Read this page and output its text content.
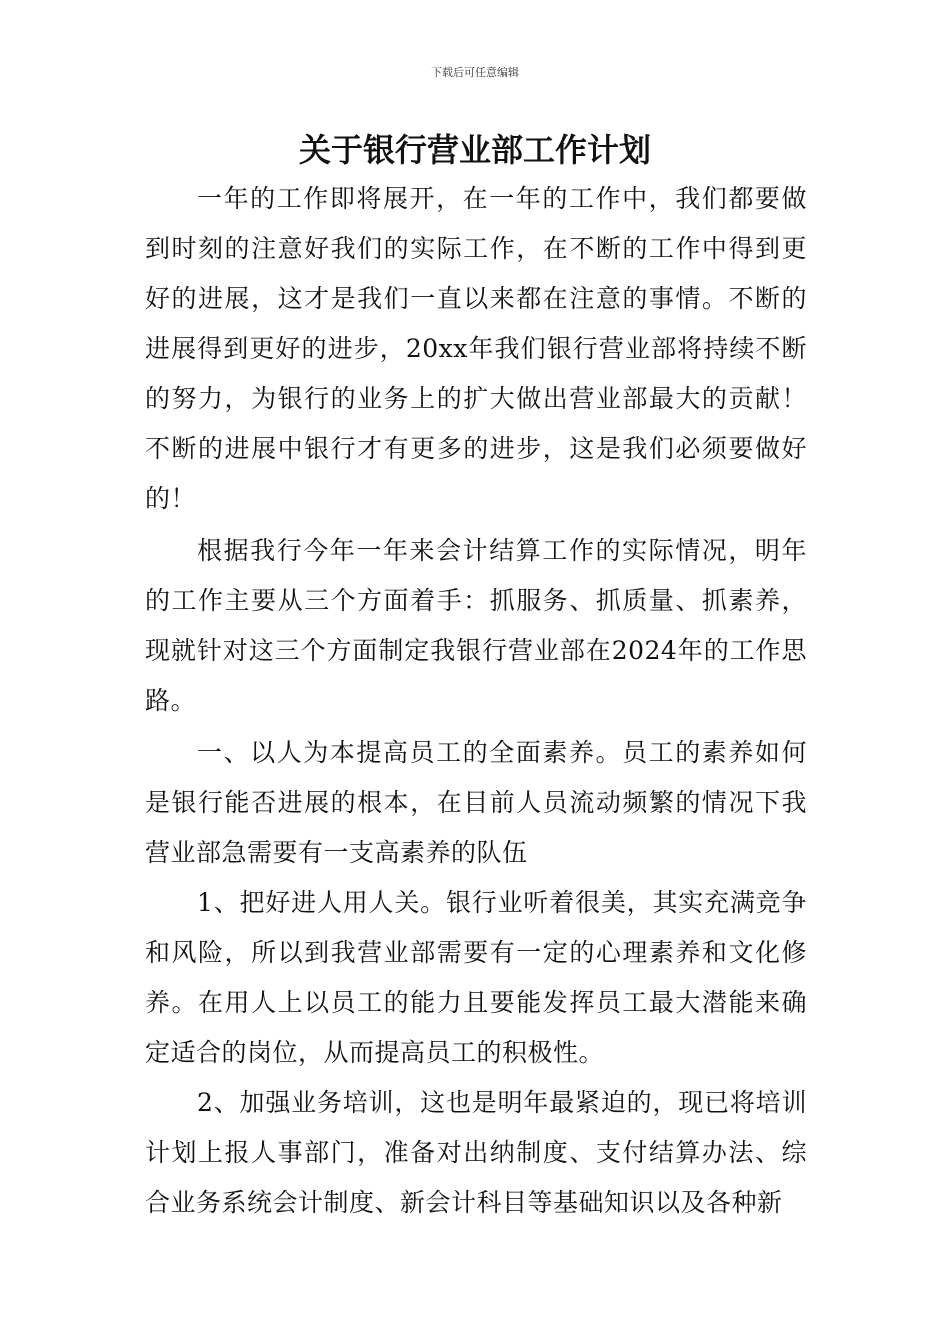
下载后可任意编辑
关于银行营业部工作计划

一年的工作即将展开，在一年的工作中，我们都要做到时刻的注意好我们的实际工作，在不断的工作中得到更好的进展，这才是我们一直以来都在注意的事情。不断的进展得到更好的进步，20xx年我们银行营业部将持续不断的努力，为银行的业务上的扩大做出营业部最大的贡献！不断的进展中银行才有更多的进步，这是我们必须要做好的！

根据我行今年一年来会计结算工作的实际情况，明年的工作主要从三个方面着手：抓服务、抓质量、抓素养，现就针对这三个方面制定我银行营业部在2024年的工作思路。

一、以人为本提高员工的全面素养。员工的素养如何是银行能否进展的根本，在目前人员流动频繁的情况下我营业部急需要有一支高素养的队伍

1、把好进人用人关。银行业听着很美，其实充满竞争和风险，所以到我营业部需要有一定的心理素养和文化修养。在用人上以员工的能力且要能发挥员工最大潜能来确定适合的岗位，从而提高员工的积极性。

2、加强业务培训，这也是明年最紧迫的，现已将培训计划上报人事部门，准备对出纳制度、支付结算办法、综合业务系统会计制度、新会计科目等基础知识以及各种新
